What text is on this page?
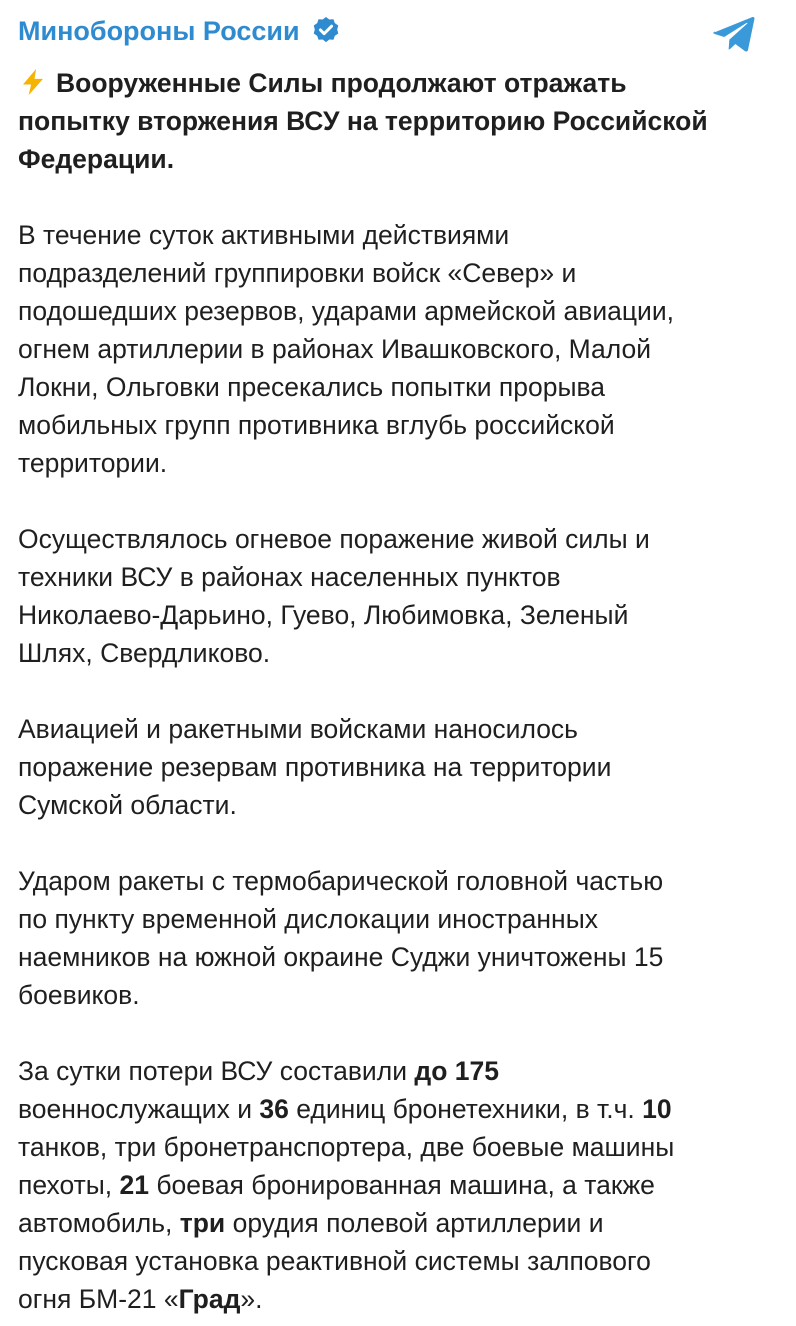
Минобороны России
Вооруженные Силы продолжают отражать
попытку вторжения ВСУ на территорию Российской
Федерации.
В течение суток активными действиями
подразделений группировки войск «Север» и
подошедших резервов, ударами армейской авиации,
огнем артиллерии в районах Ивашковского, Малой
Локни, Ольговки пресекались попытки прорыва
мобильных групп противника вглубь российской
территории.
Осуществлялось огневое поражение живой силы и
техники ВСУ в районах населенных пунктов
Николаево-Дарьино, Гуево, Любимовка, Зеленый
Шлях, Свердликово.
Авиацией и ракетными войсками наносилось
поражение резервам противника на территории
Сумской области.
Ударом ракеты с термобарической головной частью
по пункту временной дислокации иностранных
наемников на южной окраине Суджи уничтожены 15
боевиков.
За сутки потери ВСУ составили до 175
военнослужащих и 36 единиц бронетехники, в т.ч. 10
танков, три бронетранспортера, две боевые машины
пехоты, 21 боевая бронированная машина, а также
автомобиль, три орудия полевой артиллерии и
пусковая установка реактивной системы залпового
огня БМ-21 «Град».
